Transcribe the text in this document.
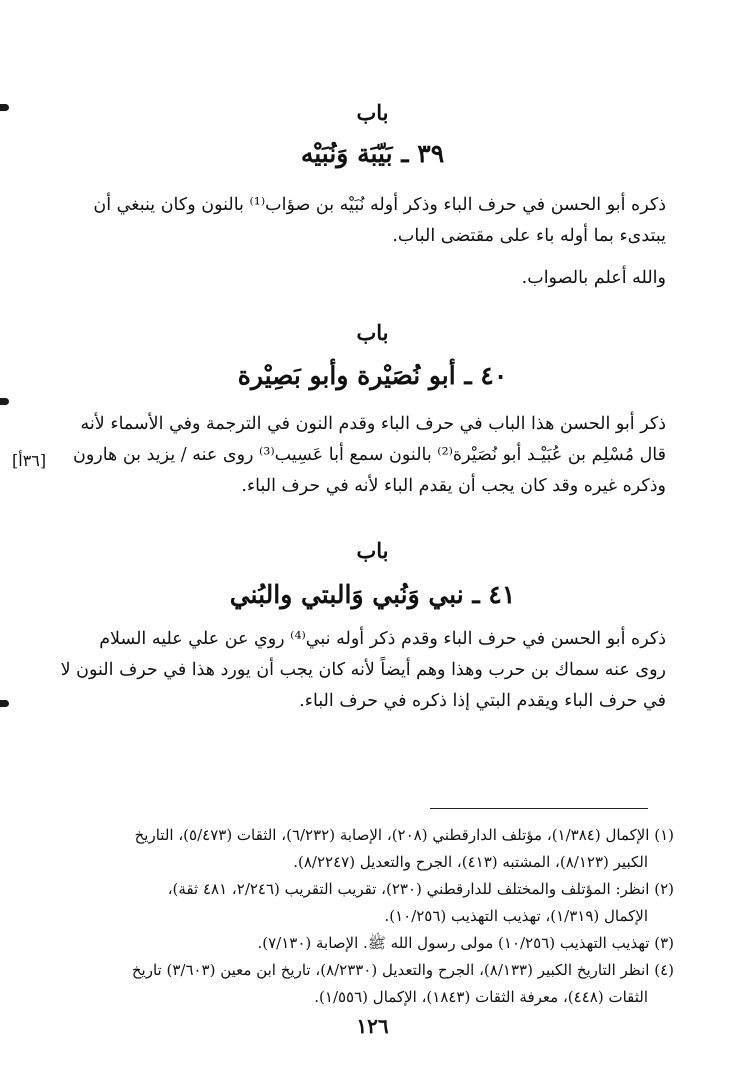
باب
٣٩ ـ بَيّبَة وَنُبَيْه
ذكره أبو الحسن في حرف الباء وذكر أوله نُبَيْه بن صؤاب⁽¹⁾ بالنون وكان ينبغي أن
يبتدىء بما أوله باء على مقتضى الباب.
والله أعلم بالصواب.
باب
٤٠ ـ أبو نُصَيْرة وأبو بَصِيْرة
ذكر أبو الحسن هذا الباب في حرف الباء وقدم النون في الترجمة وفي الأسماء لأنه
قال مُسْلِم بن عُبَيْـد أبو نُصَيْرة⁽²⁾ بالنون سمع أبا عَسِيب⁽³⁾ روى عنه / يزيد بن هارون
وذكره غيره وقد كان يجب أن يقدم الباء لأنه في حرف الباء.
[٣٦أ]
باب
٤١ ـ نبي وَنُبي وَالبتي والبُني
ذكره أبو الحسن في حرف الباء وقدم ذكر أوله نبي⁽⁴⁾ روي عن علي عليه السلام
روى عنه سماك بن حرب وهذا وهم أيضاً لأنه كان يجب أن يورد هذا في حرف النون لا
في حرف الباء ويقدم البتي إذا ذكره في حرف الباء.
(١) الإكمال (١/٣٨٤)، مؤتلف الدارقطني (٢٠٨)، الإصابة (٦/٢٣٢)، الثقات (٥/٤٧٣)، التاريخ
الكبير (٨/١٢٣)، المشتبه (٤١٣)، الجرح والتعديل (٨/٢٢٤٧).
(٢) انظر: المؤتلف والمختلف للدارقطني (٢٣٠)، تقريب التقريب (٢/٢٤٦، ٤٨١ ثقة)،
الإكمال (١/٣١٩)، تهذيب التهذيب (١٠/٢٥٦).
(٣) تهذيب التهذيب (١٠/٢٥٦) مولى رسول الله ﷺ. الإصابة (٧/١٣٠).
(٤) انظر التاريخ الكبير (٨/١٣٣)، الجرح والتعديل (٨/٢٣٣٠)، تاريخ ابن معين (٣/٦٠٣) تاريخ
الثقات (٤٤٨)، معرفة الثقات (١٨٤٣)، الإكمال (١/٥٥٦).
١٢٦
